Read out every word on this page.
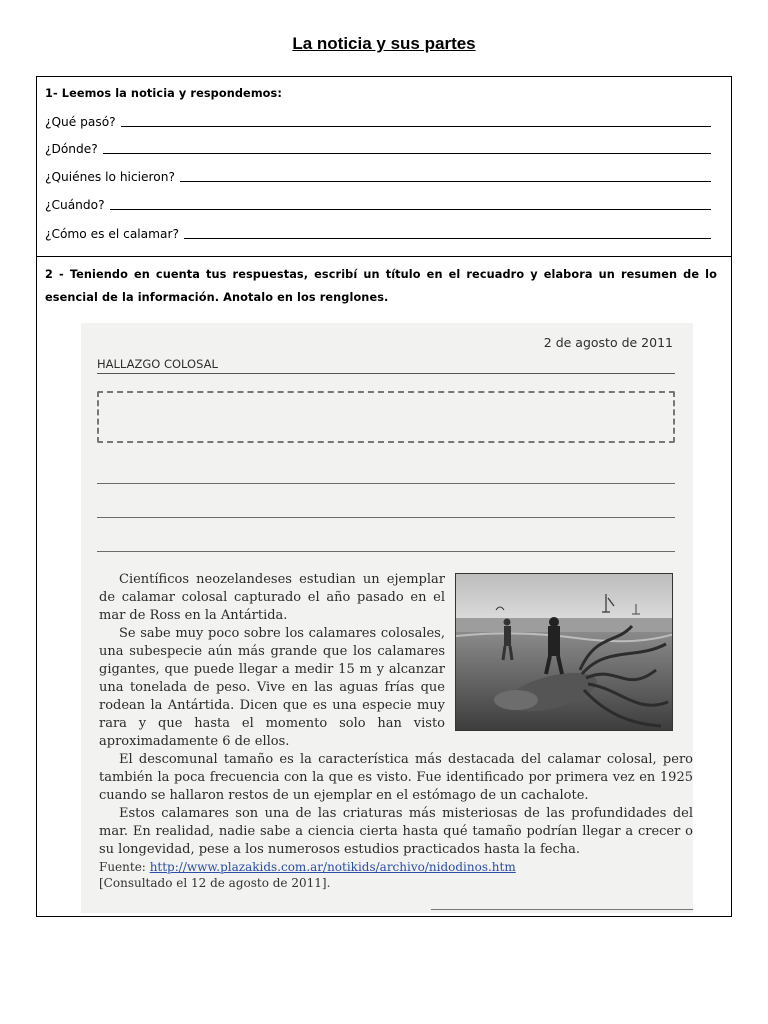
La noticia y sus partes
1- Leemos la noticia y respondemos:
¿Qué pasó?
¿Dónde?
¿Quiénes lo hicieron?
¿Cuándo?
¿Cómo es el calamar?
2 - Teniendo en cuenta tus respuestas, escribí un título en el recuadro y elabora un resumen de lo esencial de la información. Anotalo en los renglones.
2 de agosto de 2011
HALLAZGO COLOSAL

Científicos neozelandeses estudian un ejemplar de calamar colosal capturado el año pasado en el mar de Ross en la Antártida.

Se sabe muy poco sobre los calamares colosales, una subespecie aún más grande que los calamares gigantes, que puede llegar a medir 15 m y alcanzar una tonelada de peso. Vive en las aguas frías que rodean la Antártida. Dicen que es una especie muy rara y que hasta el momento solo han visto aproximadamente 6 de ellos.

El descomunal tamaño es la característica más destacada del calamar colosal, pero también la poca frecuencia con la que es visto. Fue identificado por primera vez en 1925 cuando se hallaron restos de un ejemplar en el estómago de un cachalote.

Estos calamares son una de las criaturas más misteriosas de las profundidades del mar. En realidad, nadie sabe a ciencia cierta hasta qué tamaño podrían llegar a crecer o su longevidad, pese a los numerosos estudios practicados hasta la fecha.

Fuente: http://www.plazakids.com.ar/notikids/archivo/nidodinos.htm
[Consultado el 12 de agosto de 2011].
